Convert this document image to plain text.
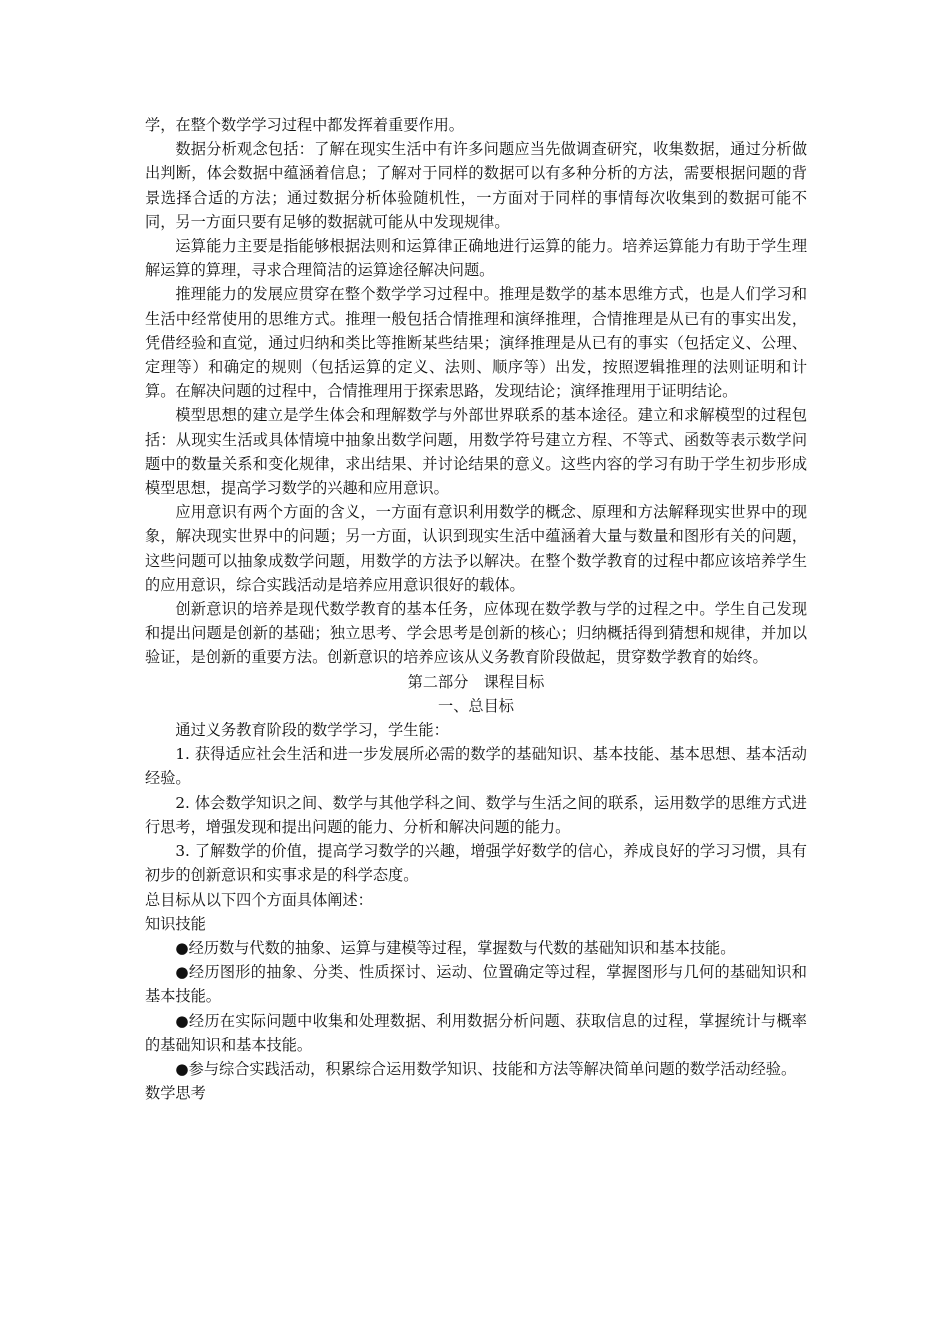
学，在整个数学学习过程中都发挥着重要作用。

数据分析观念包括：了解在现实生活中有许多问题应当先做调查研究，收集数据，通过分析做出判断，体会数据中蕴涵着信息；了解对于同样的数据可以有多种分析的方法，需要根据问题的背景选择合适的方法；通过数据分析体验随机性，一方面对于同样的事情每次收集到的数据可能不同，另一方面只要有足够的数据就可能从中发现规律。

运算能力主要是指能够根据法则和运算律正确地进行运算的能力。培养运算能力有助于学生理解运算的算理，寻求合理简洁的运算途径解决问题。

推理能力的发展应贯穿在整个数学学习过程中。推理是数学的基本思维方式，也是人们学习和生活中经常使用的思维方式。推理一般包括合情推理和演绎推理，合情推理是从已有的事实出发，凭借经验和直觉，通过归纳和类比等推断某些结果；演绎推理是从已有的事实（包括定义、公理、定理等）和确定的规则（包括运算的定义、法则、顺序等）出发，按照逻辑推理的法则证明和计算。在解决问题的过程中，合情推理用于探索思路，发现结论；演绎推理用于证明结论。

模型思想的建立是学生体会和理解数学与外部世界联系的基本途径。建立和求解模型的过程包括：从现实生活或具体情境中抽象出数学问题，用数学符号建立方程、不等式、函数等表示数学问题中的数量关系和变化规律，求出结果、并讨论结果的意义。这些内容的学习有助于学生初步形成模型思想，提高学习数学的兴趣和应用意识。

应用意识有两个方面的含义，一方面有意识利用数学的概念、原理和方法解释现实世界中的现象，解决现实世界中的问题；另一方面，认识到现实生活中蕴涵着大量与数量和图形有关的问题，这些问题可以抽象成数学问题，用数学的方法予以解决。在整个数学教育的过程中都应该培养学生的应用意识，综合实践活动是培养应用意识很好的载体。

创新意识的培养是现代数学教育的基本任务，应体现在数学教与学的过程之中。学生自己发现和提出问题是创新的基础；独立思考、学会思考是创新的核心；归纳概括得到猜想和规律，并加以验证，是创新的重要方法。创新意识的培养应该从义务教育阶段做起，贯穿数学教育的始终。

第二部分　课程目标

一、总目标

通过义务教育阶段的数学学习，学生能：

1. 获得适应社会生活和进一步发展所必需的数学的基础知识、基本技能、基本思想、基本活动经验。

2. 体会数学知识之间、数学与其他学科之间、数学与生活之间的联系，运用数学的思维方式进行思考，增强发现和提出问题的能力、分析和解决问题的能力。

3. 了解数学的价值，提高学习数学的兴趣，增强学好数学的信心，养成良好的学习习惯，具有初步的创新意识和实事求是的科学态度。

总目标从以下四个方面具体阐述：

知识技能

●经历数与代数的抽象、运算与建模等过程，掌握数与代数的基础知识和基本技能。

●经历图形的抽象、分类、性质探讨、运动、位置确定等过程，掌握图形与几何的基础知识和基本技能。

●经历在实际问题中收集和处理数据、利用数据分析问题、获取信息的过程，掌握统计与概率的基础知识和基本技能。

●参与综合实践活动，积累综合运用数学知识、技能和方法等解决简单问题的数学活动经验。

数学思考
